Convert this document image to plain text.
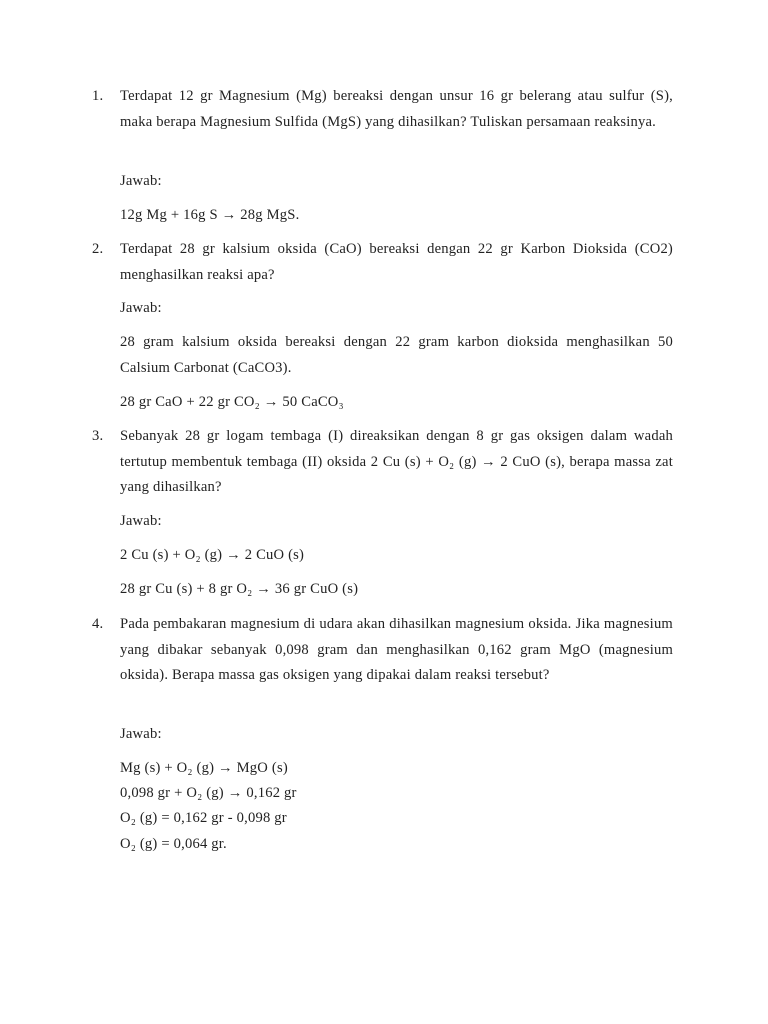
1.	Terdapat 12 gr Magnesium (Mg) bereaksi dengan unsur 16 gr belerang atau sulfur (S), maka berapa Magnesium Sulfida (MgS) yang dihasilkan? Tuliskan persamaan reaksinya.

Jawab:
12g Mg + 16g S → 28g MgS.
2.	Terdapat 28 gr kalsium oksida (CaO) bereaksi dengan 22 gr Karbon Dioksida (CO2) menghasilkan reaksi apa?

Jawab:

28 gram kalsium oksida bereaksi dengan 22 gram karbon dioksida menghasilkan 50 Calsium Carbonat (CaCO3).

28 gr CaO + 22 gr CO₂ → 50 CaCO₃
3.	Sebanyak 28 gr logam tembaga (I) direaksikan dengan 8 gr gas oksigen dalam wadah tertutup membentuk tembaga (II) oksida 2 Cu (s) + O₂ (g) → 2 CuO (s), berapa massa zat yang dihasilkan?

Jawab:
2 Cu (s) + O₂ (g) → 2 CuO (s)
28 gr Cu (s) + 8 gr O₂ → 36 gr CuO (s)
4.	Pada pembakaran magnesium di udara akan dihasilkan magnesium oksida. Jika magnesium yang dibakar sebanyak 0,098 gram dan menghasilkan 0,162 gram MgO (magnesium oksida). Berapa massa gas oksigen yang dipakai dalam reaksi tersebut?

Jawab:
Mg (s) + O₂ (g) → MgO (s)
0,098 gr + O₂ (g) → 0,162 gr
O₂ (g) = 0,162 gr - 0,098 gr
O₂ (g) = 0,064 gr.
